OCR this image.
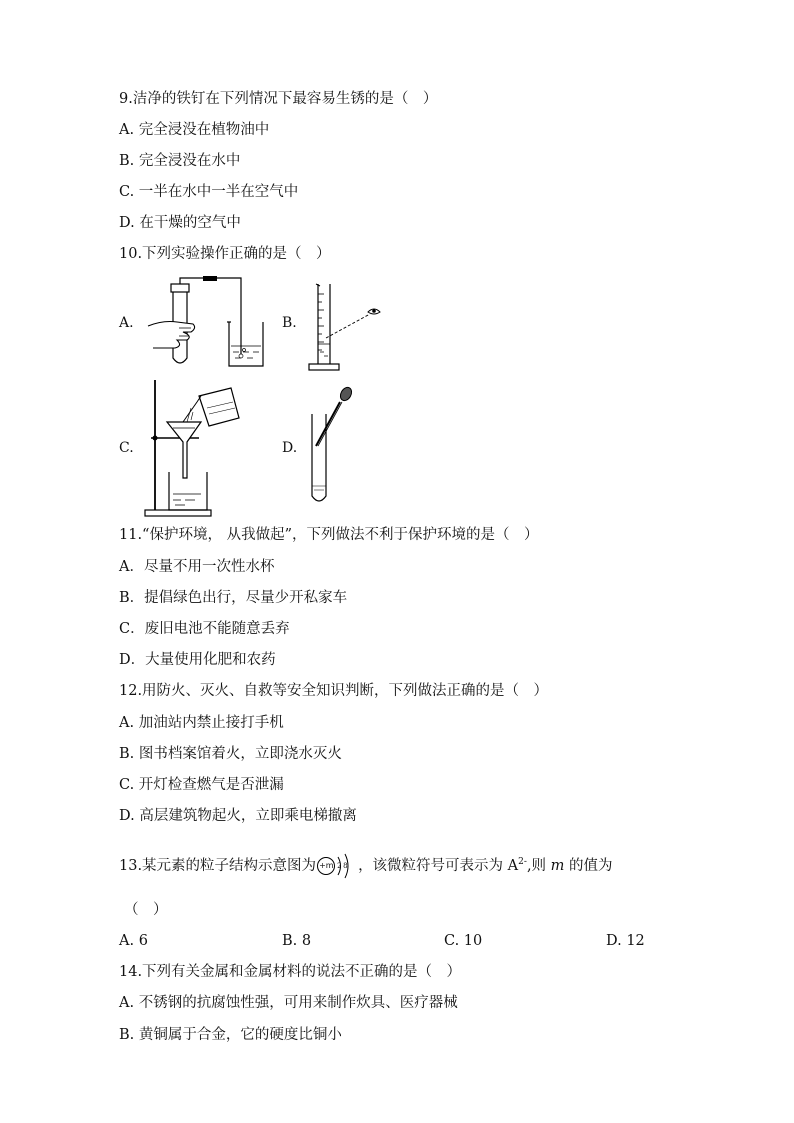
9.洁净的铁钉在下列情况下最容易生锈的是（　）
A. 完全浸没在植物油中
B. 完全浸没在水中
C. 一半在水中一半在空气中
D. 在干燥的空气中
10.下列实验操作正确的是（　）
A.	B.
C.	D.
11.“保护环境， 从我做起”，下列做法不利于保护环境的是（　）
A．尽量不用一次性水杯
B．提倡绿色出行，尽量少开私家车
C．废旧电池不能随意丢弃
D．大量使用化肥和农药
12.用防火、灭火、自救等安全知识判断，下列做法正确的是（　）
A. 加油站内禁止接打手机
B. 图书档案馆着火，立即浇水灭火
C. 开灯检查燃气是否泄漏
D. 高层建筑物起火，立即乘电梯撤离
13.某元素的粒子结构示意图为 +m 2 8 ，该微粒符号可表示为 $A^{2-}$,则 m 的值为
（　）
A. 6	B. 8	C. 10	D. 12
14.下列有关金属和金属材料的说法不正确的是（　）
A. 不锈钢的抗腐蚀性强，可用来制作炊具、医疗器械
B. 黄铜属于合金，它的硬度比铜小
